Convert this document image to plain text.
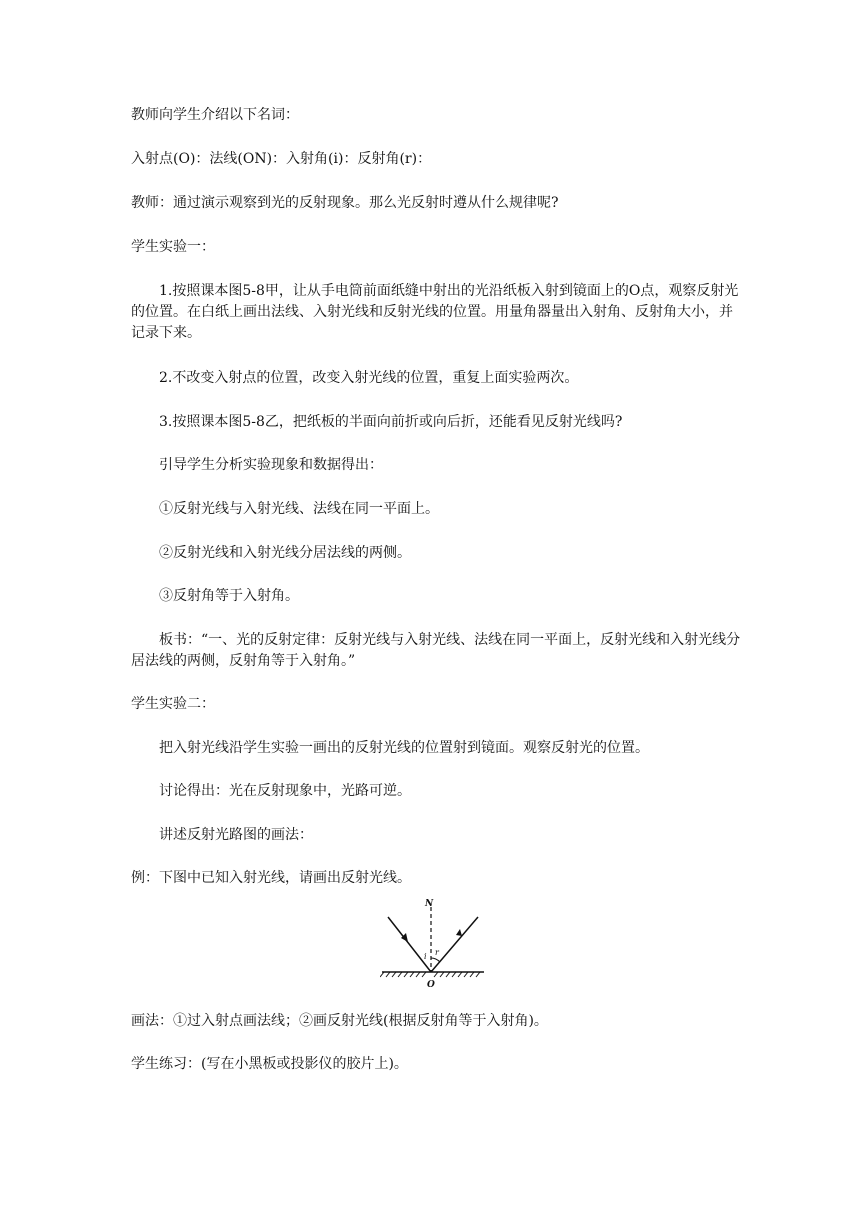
教师向学生介绍以下名词：

入射点(O)：法线(ON)：入射角(i)：反射角(r)：

教师：通过演示观察到光的反射现象。那么光反射时遵从什么规律呢?

学生实验一：

1.按照课本图5-8甲，让从手电筒前面纸缝中射出的光沿纸板入射到镜面上的O点，观察反射光的位置。在白纸上画出法线、入射光线和反射光线的位置。用量角器量出入射角、反射角大小，并记录下来。

2.不改变入射点的位置，改变入射光线的位置，重复上面实验两次。

3.按照课本图5-8乙，把纸板的半面向前折或向后折，还能看见反射光线吗?

引导学生分析实验现象和数据得出：

①反射光线与入射光线、法线在同一平面上。

②反射光线和入射光线分居法线的两侧。

③反射角等于入射角。

板书：“一、光的反射定律：反射光线与入射光线、法线在同一平面上，反射光线和入射光线分居法线的两侧，反射角等于入射角。”

学生实验二：

把入射光线沿学生实验一画出的反射光线的位置射到镜面。观察反射光的位置。

讨论得出：光在反射现象中，光路可逆。

讲述反射光路图的画法：

例：下图中已知入射光线，请画出反射光线。

N
O
i r

画法：①过入射点画法线；②画反射光线(根据反射角等于入射角)。

学生练习：(写在小黑板或投影仪的胶片上)。
